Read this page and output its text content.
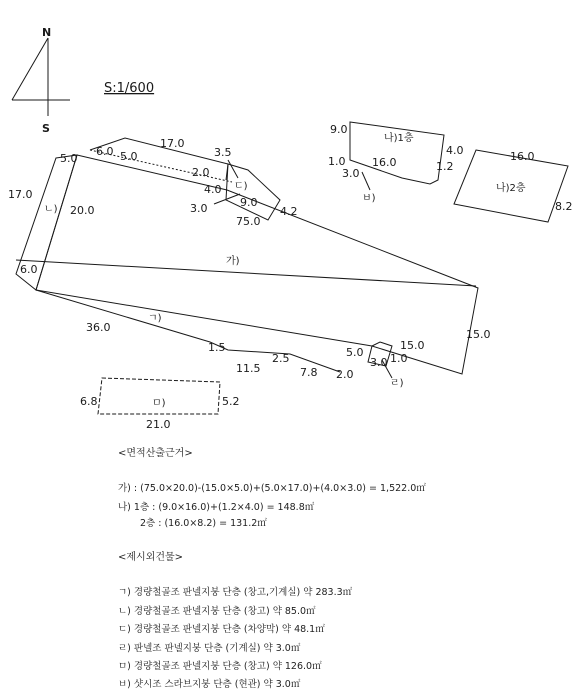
S:1/600
N
S
가)
나)1층
나)2층
ㄱ)
ㄴ)
ㄷ)
ㄹ)
ㅁ)
ㅂ)
5.0
6.0 5.0
17.0
17.0
20.0
6.0
3.5
2.0
4.0
3.0	9.0
4.2
75.0
9.0
1.0 16.0
4.0
1.2
3.0
16.0
8.2
36.0
1.5
11.5
2.5
7.8 2.0
5.0
15.0
3.0 1.0
15.0
6.8	5.2
21.0
<면적산출근거>
가) : (75.0×20.0)-(15.0×5.0)+(5.0×17.0)+(4.0×3.0) = 1,522.0㎡
나) 1층 : (9.0×16.0)+(1.2×4.0) = 148.8㎡
2층 : (16.0×8.2) = 131.2㎡
<제시외건물>
ㄱ) 경량철골조 판넬지붕 단층 (창고,기계실) 약 283.3㎡
ㄴ) 경량철골조 판넬지붕 단층 (창고) 약 85.0㎡
ㄷ) 경량철골조 판넬지붕 단층 (차양막) 약 48.1㎡
ㄹ) 판넬조 판넬지붕 단층 (기계실) 약 3.0㎡
ㅁ) 경량철골조 판넬지붕 단층 (창고) 약 126.0㎡
ㅂ) 샷시조 스라브지붕 단층 (현관) 약 3.0㎡
